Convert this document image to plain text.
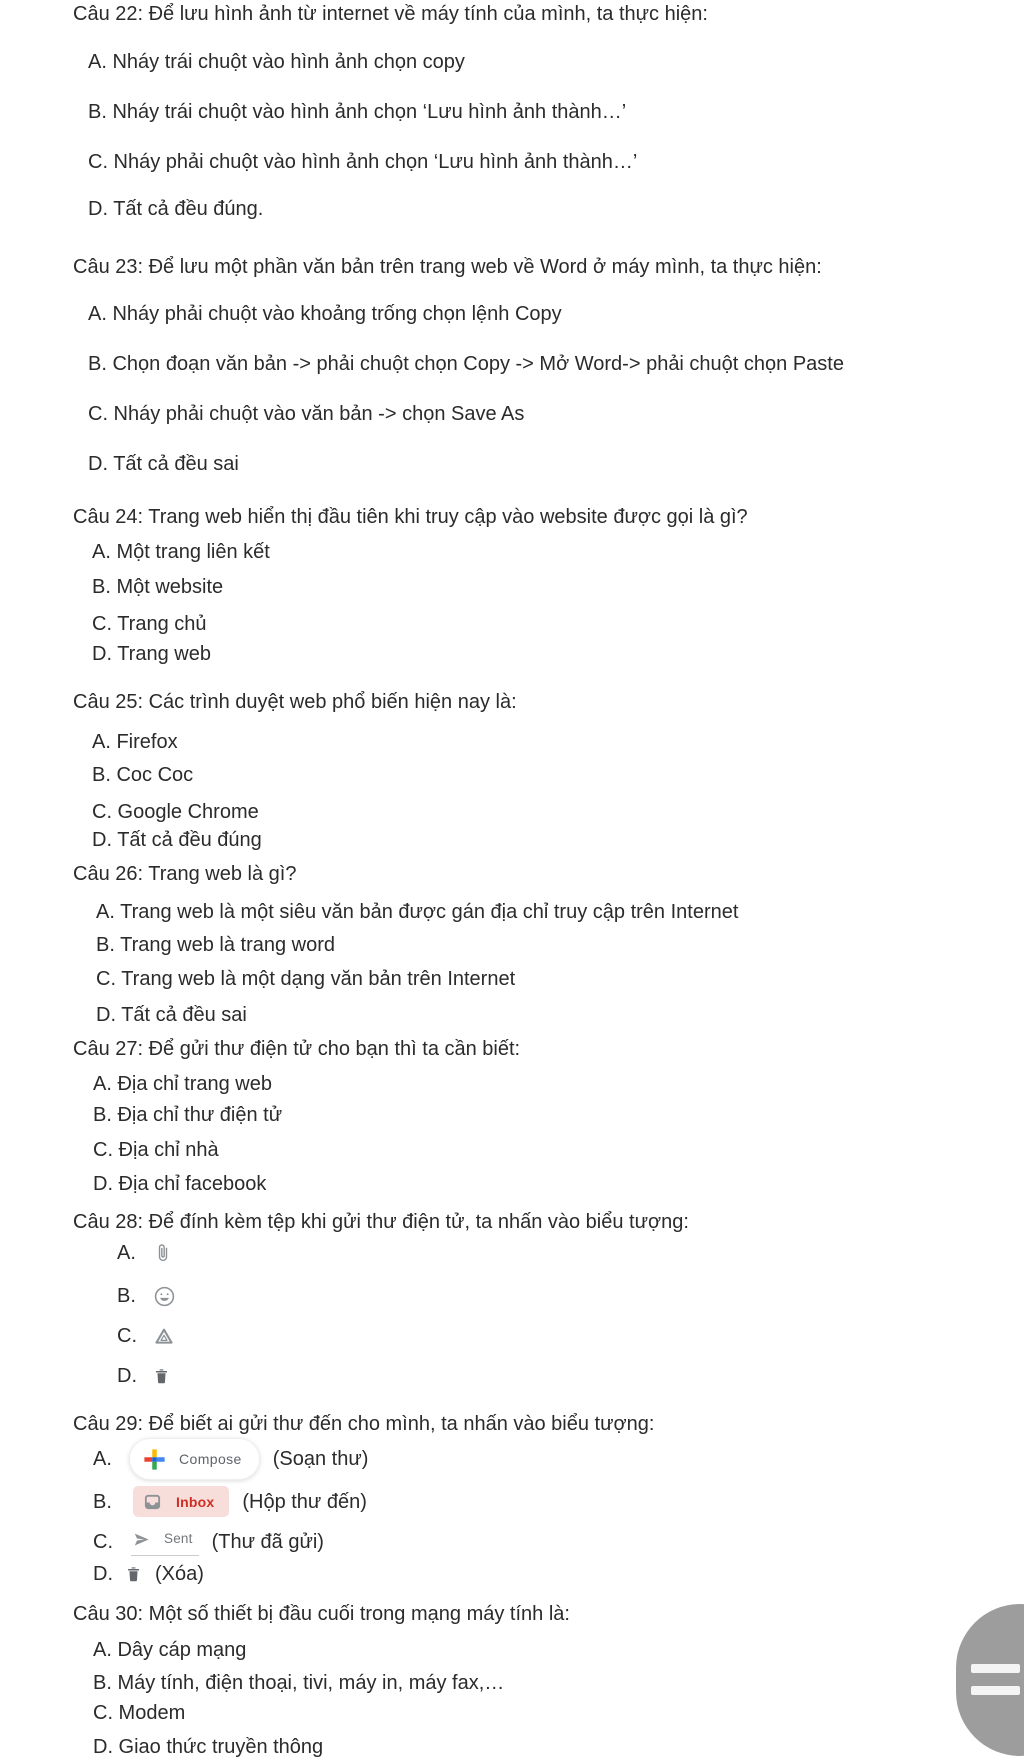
Câu 22: Để lưu hình ảnh từ internet về máy tính của mình, ta thực hiện:
A. Nháy trái chuột vào hình ảnh chọn copy
B. Nháy trái chuột vào hình ảnh chọn ‘Lưu hình ảnh thành…’
C. Nháy phải chuột vào hình ảnh chọn ‘Lưu hình ảnh thành…’
D. Tất cả đều đúng.
Câu 23: Để lưu một phần văn bản trên trang web về Word ở máy mình, ta thực hiện:
A. Nháy phải chuột vào khoảng trống chọn lệnh Copy
B. Chọn đoạn văn bản -> phải chuột chọn Copy -> Mở Word-> phải chuột chọn Paste
C. Nháy phải chuột vào văn bản -> chọn Save As
D. Tất cả đều sai
Câu 24: Trang web hiển thị đầu tiên khi truy cập vào website được gọi là gì?
A. Một trang liên kết
B. Một website
C. Trang chủ
D. Trang web
Câu 25: Các trình duyệt web phổ biến hiện nay là:
A. Firefox
B. Coc Coc
C. Google Chrome
D. Tất cả đều đúng
Câu 26: Trang web là gì?
A. Trang web là một siêu văn bản được gán địa chỉ truy cập trên Internet
B. Trang web là trang word
C. Trang web là một dạng văn bản trên Internet
D. Tất cả đều sai
Câu 27: Để gửi thư điện tử cho bạn thì ta cần biết:
A. Địa chỉ trang web
B. Địa chỉ thư điện tử
C. Địa chỉ nhà
D. Địa chỉ facebook
Câu 28: Để đính kèm tệp khi gửi thư điện tử, ta nhấn vào biểu tượng:
A.
B.
C.
D.
Câu 29: Để biết ai gửi thư đến cho mình, ta nhấn vào biểu tượng:
A.	Compose (Soạn thư)
B.	Inbox (Hộp thư đến)
C.	Sent (Thư đã gửi)
D.	(Xóa)
Câu 30: Một số thiết bị đầu cuối trong mạng máy tính là:
A. Dây cáp mạng
B. Máy tính, điện thoại, tivi, máy in, máy fax,…
C. Modem
D. Giao thức truyền thông
